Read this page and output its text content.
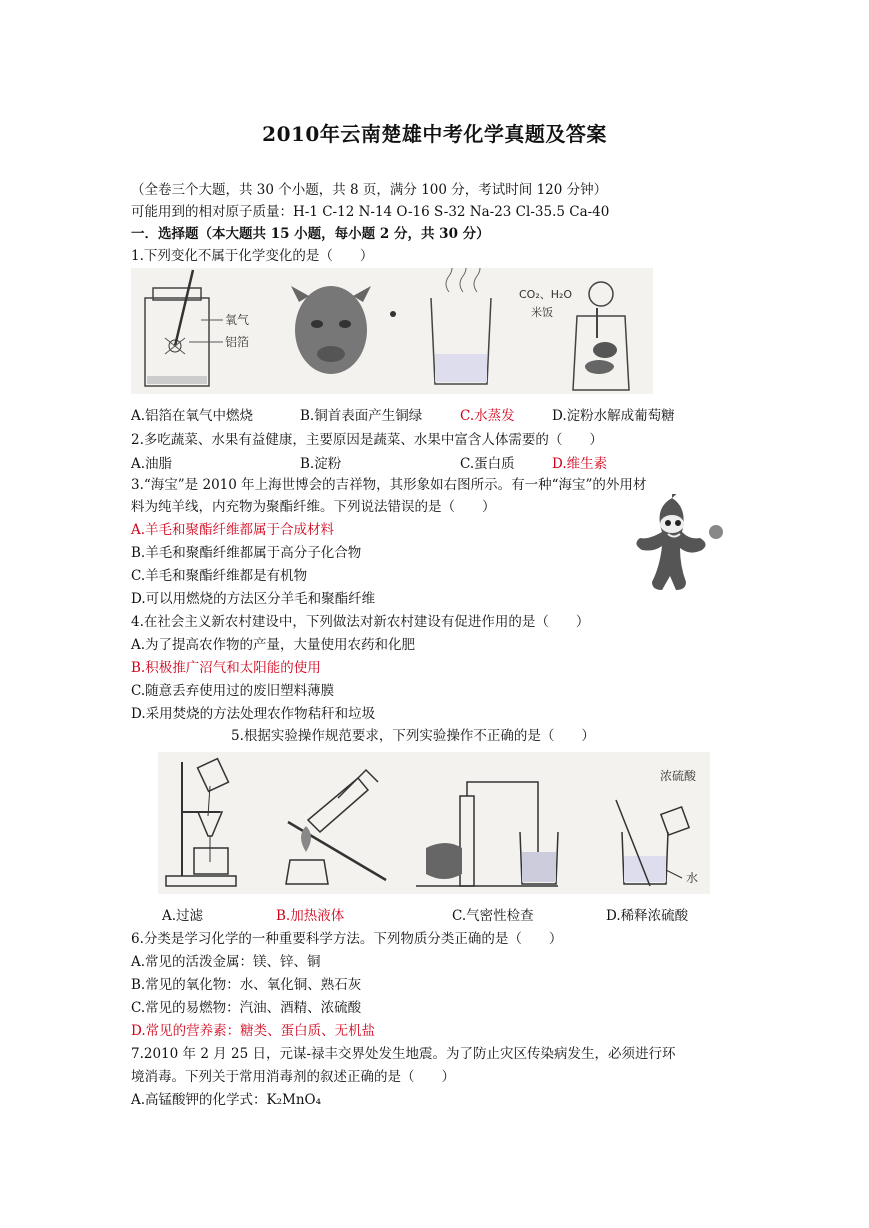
2010年云南楚雄中考化学真题及答案
（全卷三个大题，共 30 个小题，共 8 页，满分 100 分，考试时间 120 分钟）
可能用到的相对原子质量：H-1 C-12 N-14 O-16 S-32 Na-23 Cl-35.5 Ca-40
一．选择题（本大题共 15 小题，每小题 2 分，共 30 分）
1.下列变化不属于化学变化的是（　　）
氧气
铝箔
CO₂、H₂O
米饭
A.铝箔在氧气中燃烧	B.铜首表面产生铜绿	C.水蒸发	D.淀粉水解成葡萄糖
2.多吃蔬菜、水果有益健康，主要原因是蔬菜、水果中富含人体需要的（　　）
A.油脂	B.淀粉	C.蛋白质	D.维生素
3.“海宝”是 2010 年上海世博会的吉祥物，其形象如右图所示。有一种“海宝”的外用材
料为纯羊线，内充物为聚酯纤维。下列说法错误的是（　　）
A.羊毛和聚酯纤维都属于合成材料
B.羊毛和聚酯纤维都属于高分子化合物
C.羊毛和聚酯纤维都是有机物
D.可以用燃烧的方法区分羊毛和聚酯纤维
4.在社会主义新农村建设中，下列做法对新农村建设有促进作用的是（　　）
A.为了提高农作物的产量，大量使用农药和化肥
B.积极推广沼气和太阳能的使用
C.随意丢弃使用过的废旧塑料薄膜
D.采用焚烧的方法处理农作物秸秆和垃圾
5.根据实验操作规范要求，下列实验操作不正确的是（　　）
浓硫酸
水
A.过滤	B.加热液体	C.气密性检查	D.稀释浓硫酸
6.分类是学习化学的一种重要科学方法。下列物质分类正确的是（　　）
A.常见的活泼金属：镁、锌、铜
B.常见的氧化物：水、氧化铜、熟石灰
C.常见的易燃物：汽油、酒精、浓硫酸
D.常见的营养素：糖类、蛋白质、无机盐
7.2010 年 2 月 25 日，元谋-禄丰交界处发生地震。为了防止灾区传染病发生，必须进行环
境消毒。下列关于常用消毒剂的叙述正确的是（　　）
A.高锰酸钾的化学式：K₂MnO₄
